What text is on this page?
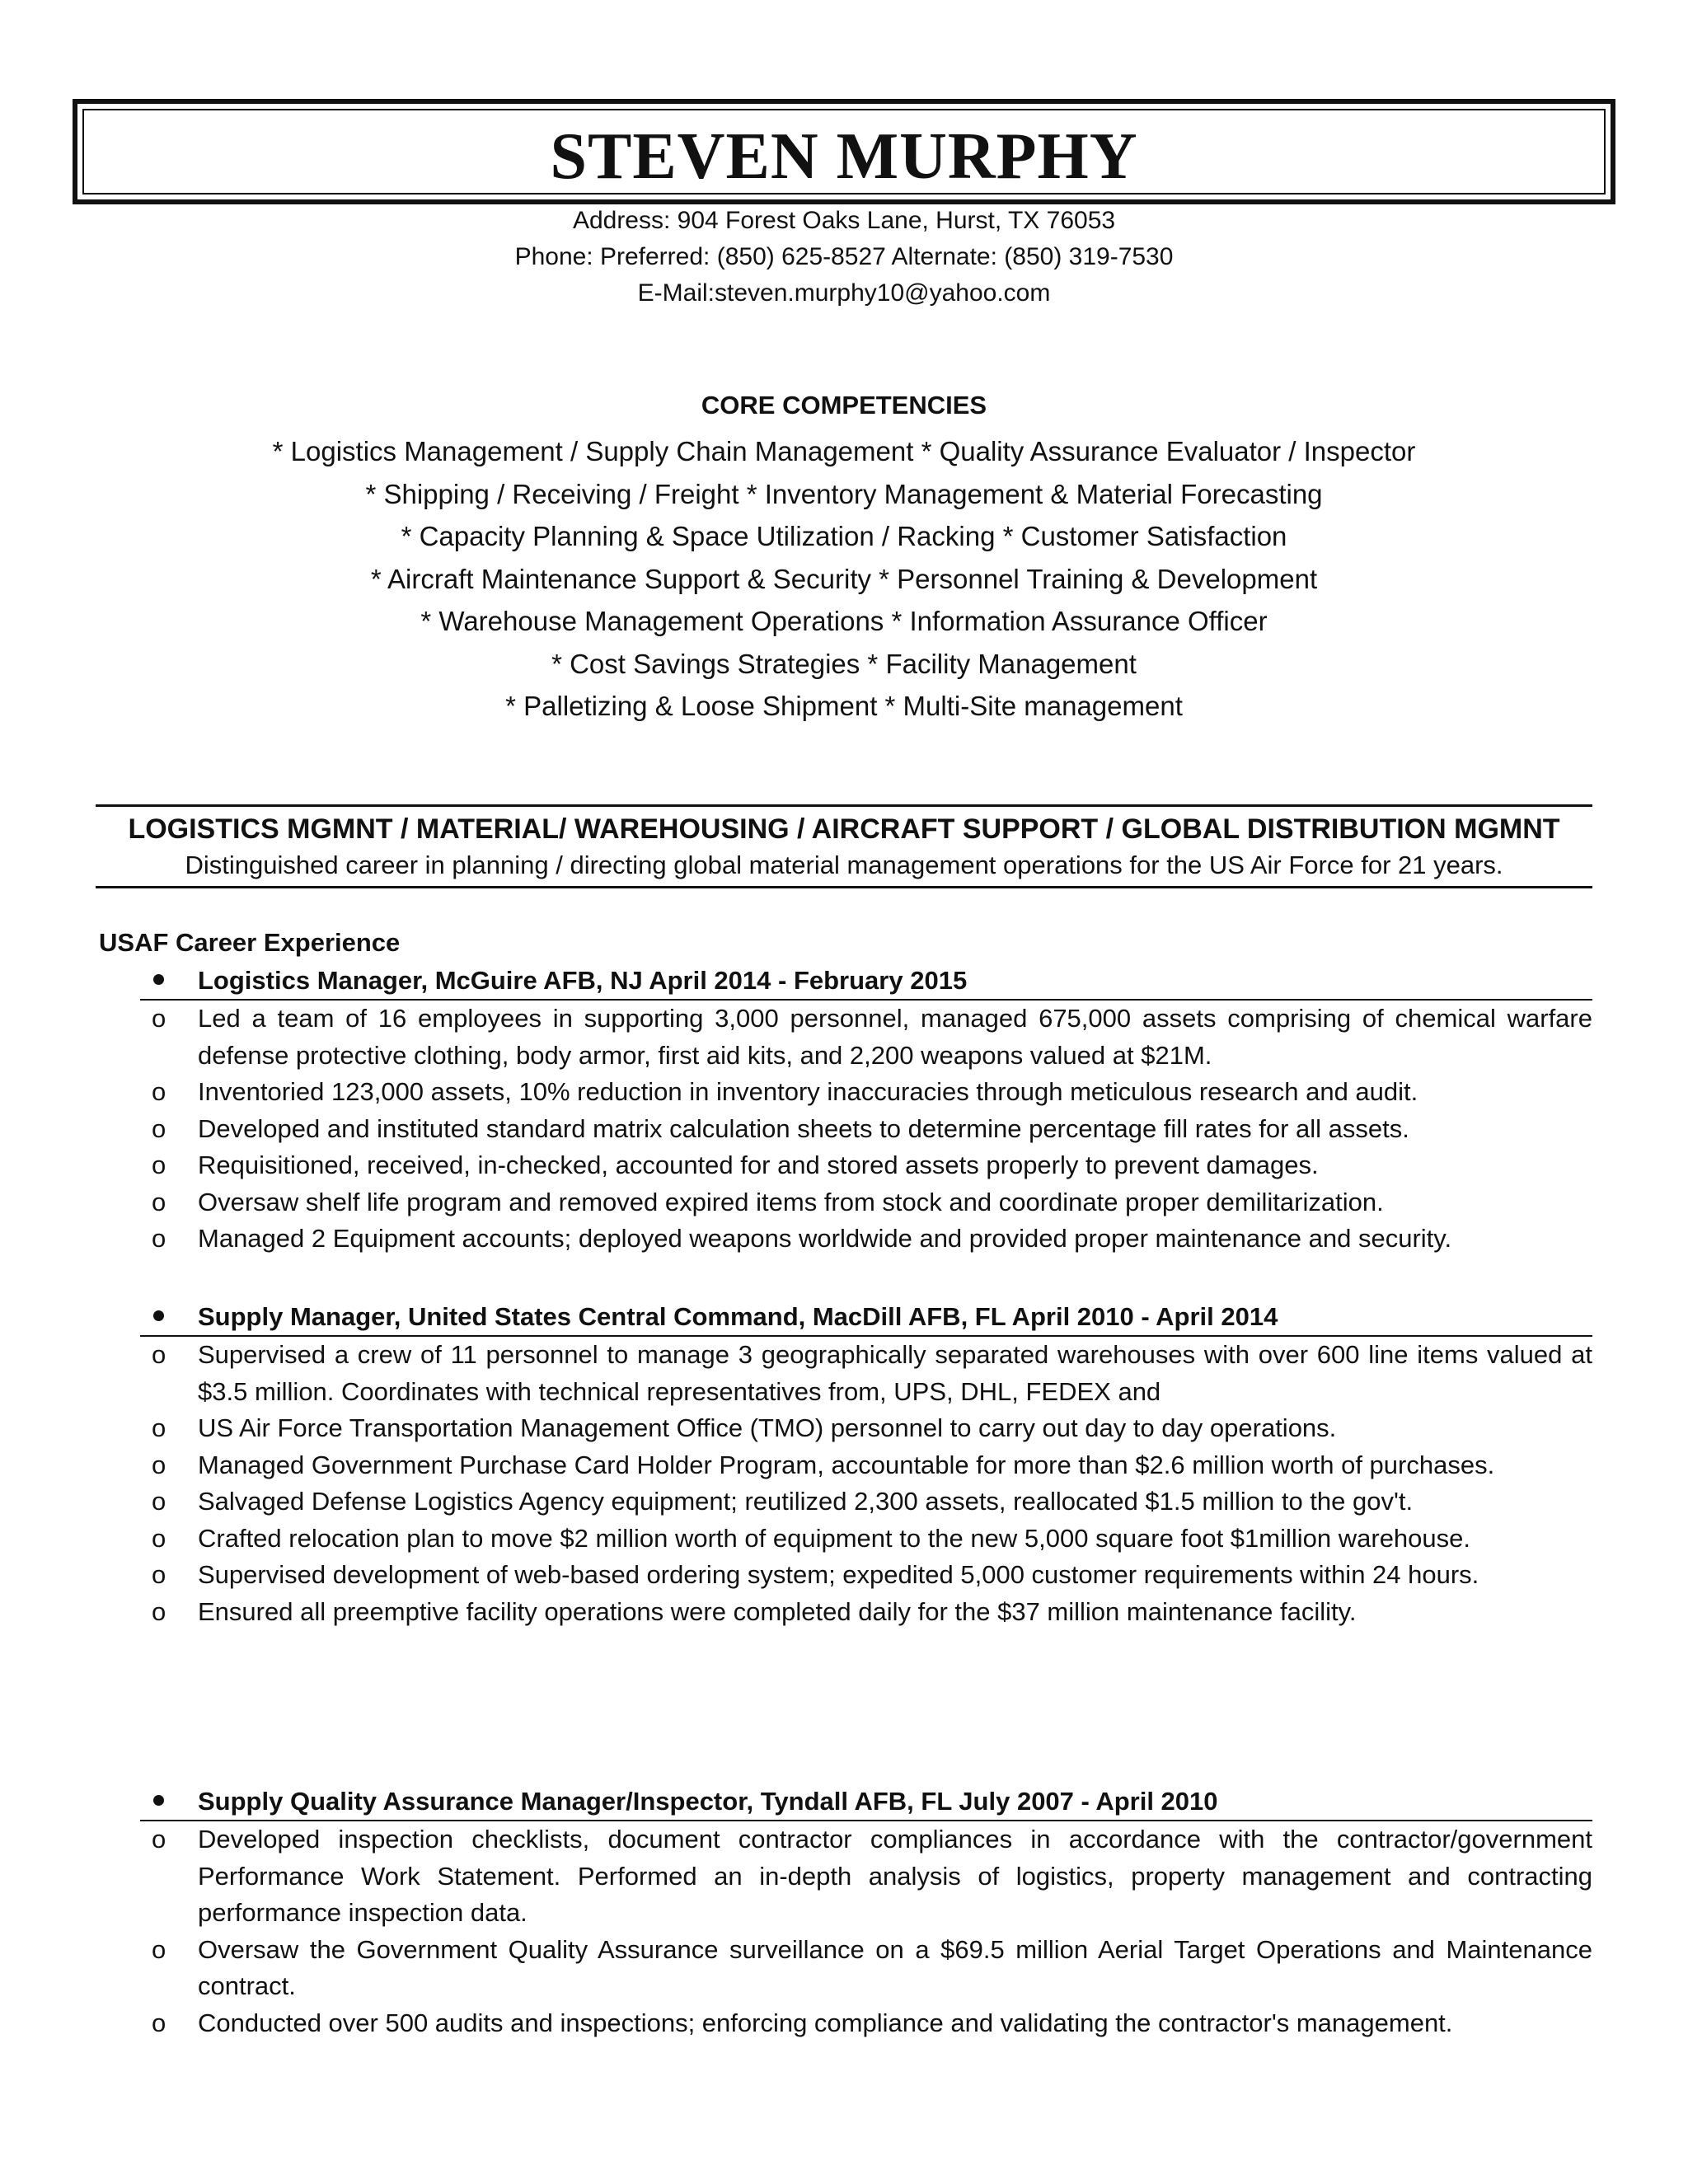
STEVEN MURPHY
Address: 904 Forest Oaks Lane, Hurst, TX 76053
Phone: Preferred: (850) 625-8527 Alternate: (850) 319-7530
E-Mail:steven.murphy10@yahoo.com
CORE COMPETENCIES
* Logistics Management / Supply Chain Management * Quality Assurance Evaluator / Inspector
* Shipping / Receiving / Freight * Inventory Management & Material Forecasting
* Capacity Planning & Space Utilization / Racking * Customer Satisfaction
* Aircraft Maintenance Support & Security * Personnel Training & Development
* Warehouse Management Operations * Information Assurance Officer
* Cost Savings Strategies * Facility Management
* Palletizing & Loose Shipment * Multi-Site management
LOGISTICS MGMNT / MATERIAL/ WAREHOUSING / AIRCRAFT SUPPORT / GLOBAL DISTRIBUTION MGMNT
Distinguished career in planning / directing global material management operations for the US Air Force for 21 years.
USAF Career Experience
Logistics Manager, McGuire AFB, NJ April 2014 - February 2015
o Led a team of 16 employees in supporting 3,000 personnel, managed 675,000 assets comprising of chemical warfare defense protective clothing, body armor, first aid kits, and 2,200 weapons valued at $21M.
o Inventoried 123,000 assets, 10% reduction in inventory inaccuracies through meticulous research and audit.
o Developed and instituted standard matrix calculation sheets to determine percentage fill rates for all assets.
o Requisitioned, received, in-checked, accounted for and stored assets properly to prevent damages.
o Oversaw shelf life program and removed expired items from stock and coordinate proper demilitarization.
o Managed 2 Equipment accounts; deployed weapons worldwide and provided proper maintenance and security.
Supply Manager, United States Central Command, MacDill AFB, FL April 2010 - April 2014
o Supervised a crew of 11 personnel to manage 3 geographically separated warehouses with over 600 line items valued at $3.5 million. Coordinates with technical representatives from, UPS, DHL, FEDEX and
o US Air Force Transportation Management Office (TMO) personnel to carry out day to day operations.
o Managed Government Purchase Card Holder Program, accountable for more than $2.6 million worth of purchases.
o Salvaged Defense Logistics Agency equipment; reutilized 2,300 assets, reallocated $1.5 million to the gov't.
o Crafted relocation plan to move $2 million worth of equipment to the new 5,000 square foot $1million warehouse.
o Supervised development of web-based ordering system; expedited 5,000 customer requirements within 24 hours.
o Ensured all preemptive facility operations were completed daily for the $37 million maintenance facility.
Supply Quality Assurance Manager/Inspector, Tyndall AFB, FL July 2007 - April 2010
o Developed inspection checklists, document contractor compliances in accordance with the contractor/government Performance Work Statement. Performed an in-depth analysis of logistics, property management and contracting performance inspection data.
o Oversaw the Government Quality Assurance surveillance on a $69.5 million Aerial Target Operations and Maintenance contract.
o Conducted over 500 audits and inspections; enforcing compliance and validating the contractor's management.
